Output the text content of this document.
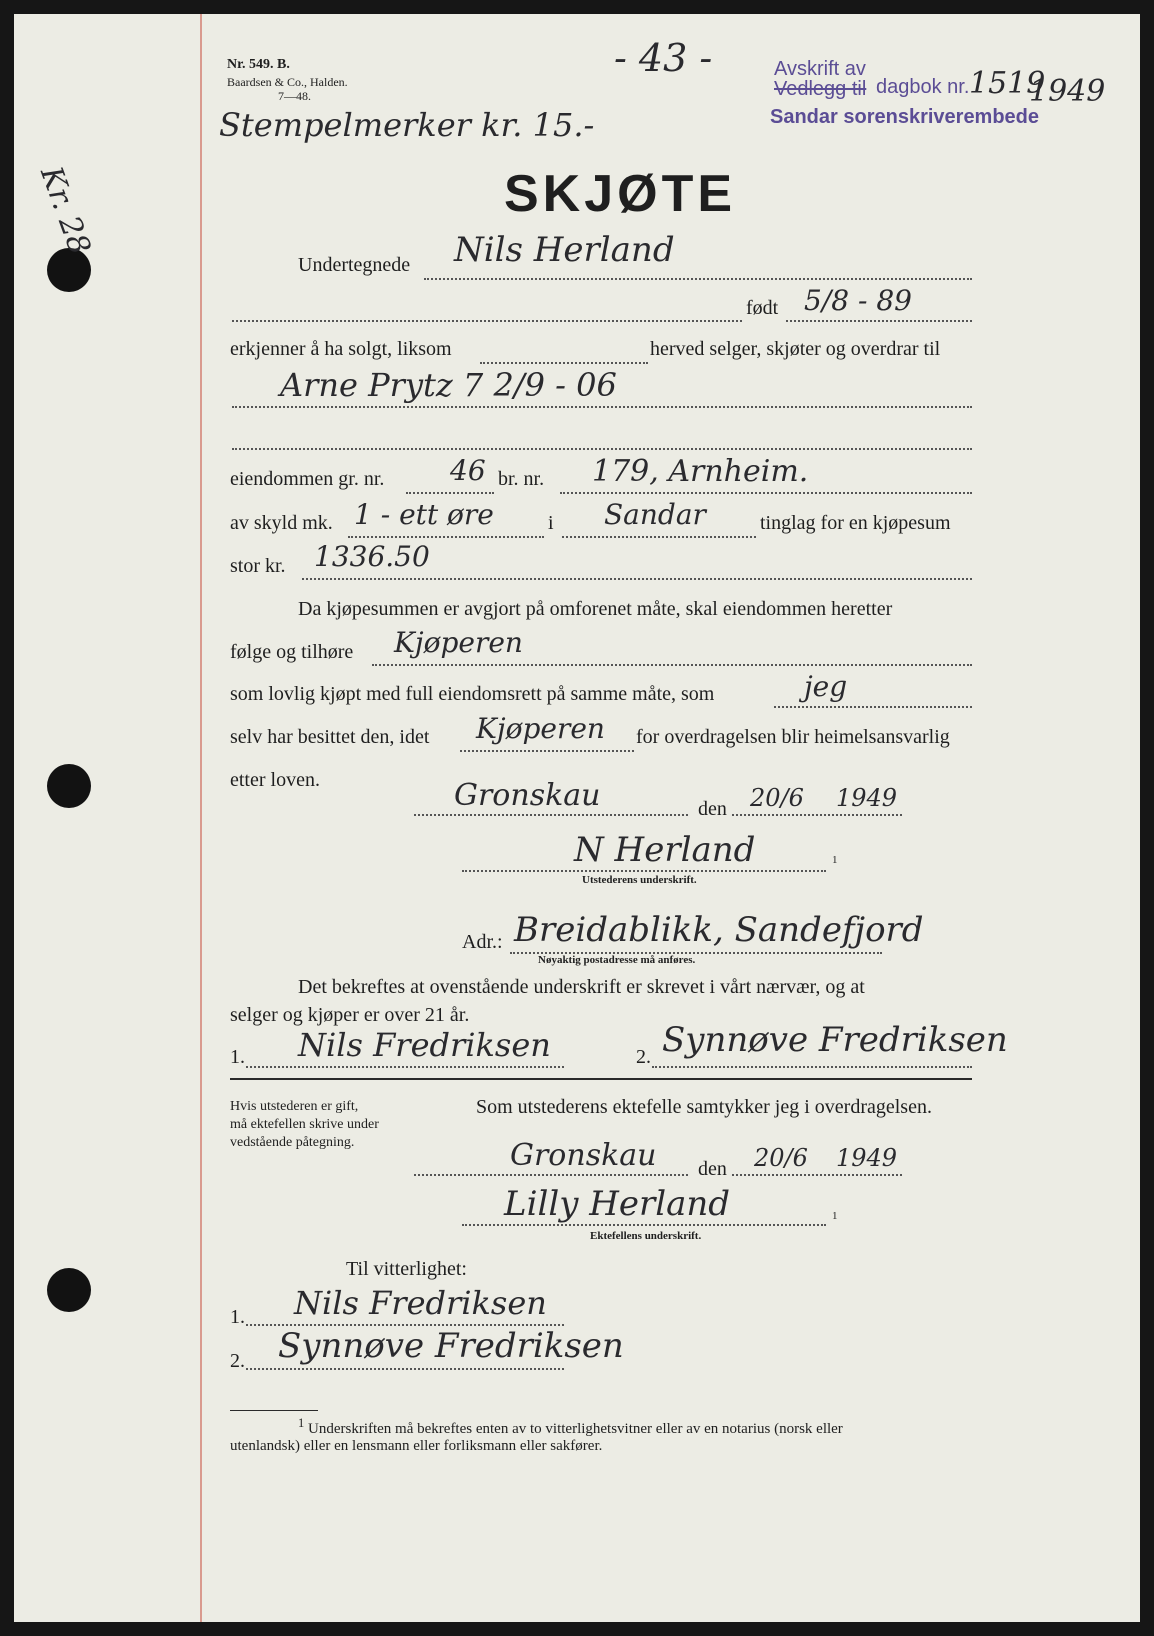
Nr. 549. B.
Baardsen & Co., Halden.
7—48.
- 43 -	Avskrift av
Vedlegg til dagbok nr. 1519
1949
Sandar sorenskriverembede
Stempelmerker kr. 15.-
Kr. 28	SKJØTE
Undertegnede Nils Herland
født 5/8 - 89
erkjenner å ha solgt, liksom	herved selger, skjøter og overdrar til
Arne Prytz 7 2/9 - 06
eiendommen gr. nr. 46 br. nr. 179, Arnheim.
av skyld mk. 1 - ett øre	i Sandar	tinglag for en kjøpesum
stor kr. 1336.50
Da kjøpesummen er avgjort på omforenet måte, skal eiendommen heretter
følge og tilhøre Kjøperen
som lovlig kjøpt med full eiendomsrett på samme måte, som	jeg
selv har besittet den, idet Kjøperen for overdragelsen blir heimelsansvarlig
etter loven.	Gronskau	den 20/6 1949
N Herland	1
Utstederens underskrift.
Adr.: Breidablikk, Sandefjord
Nøyaktig postadresse må anføres.
Det bekreftes at ovenstående underskrift er skrevet i vårt nærvær, og at
selger og kjøper er over 21 år.
1. Nils Fredriksen	2. Synnøve Fredriksen
Hvis utstederen er gift,
må ektefellen skrive under
vedstående påtegning.
Som utstederens ektefelle samtykker jeg i overdragelsen.
Gronskau den 20/6 1949
Lilly Herland	1
Ektefellens underskrift.
Til vitterlighet:
1. Nils Fredriksen
2. Synnøve Fredriksen
$^1$ Underskriften må bekreftes enten av to vitterlighetsvitner eller av en notarius (norsk eller
utenlandsk) eller en lensmann eller forliksmann eller sakfører.
